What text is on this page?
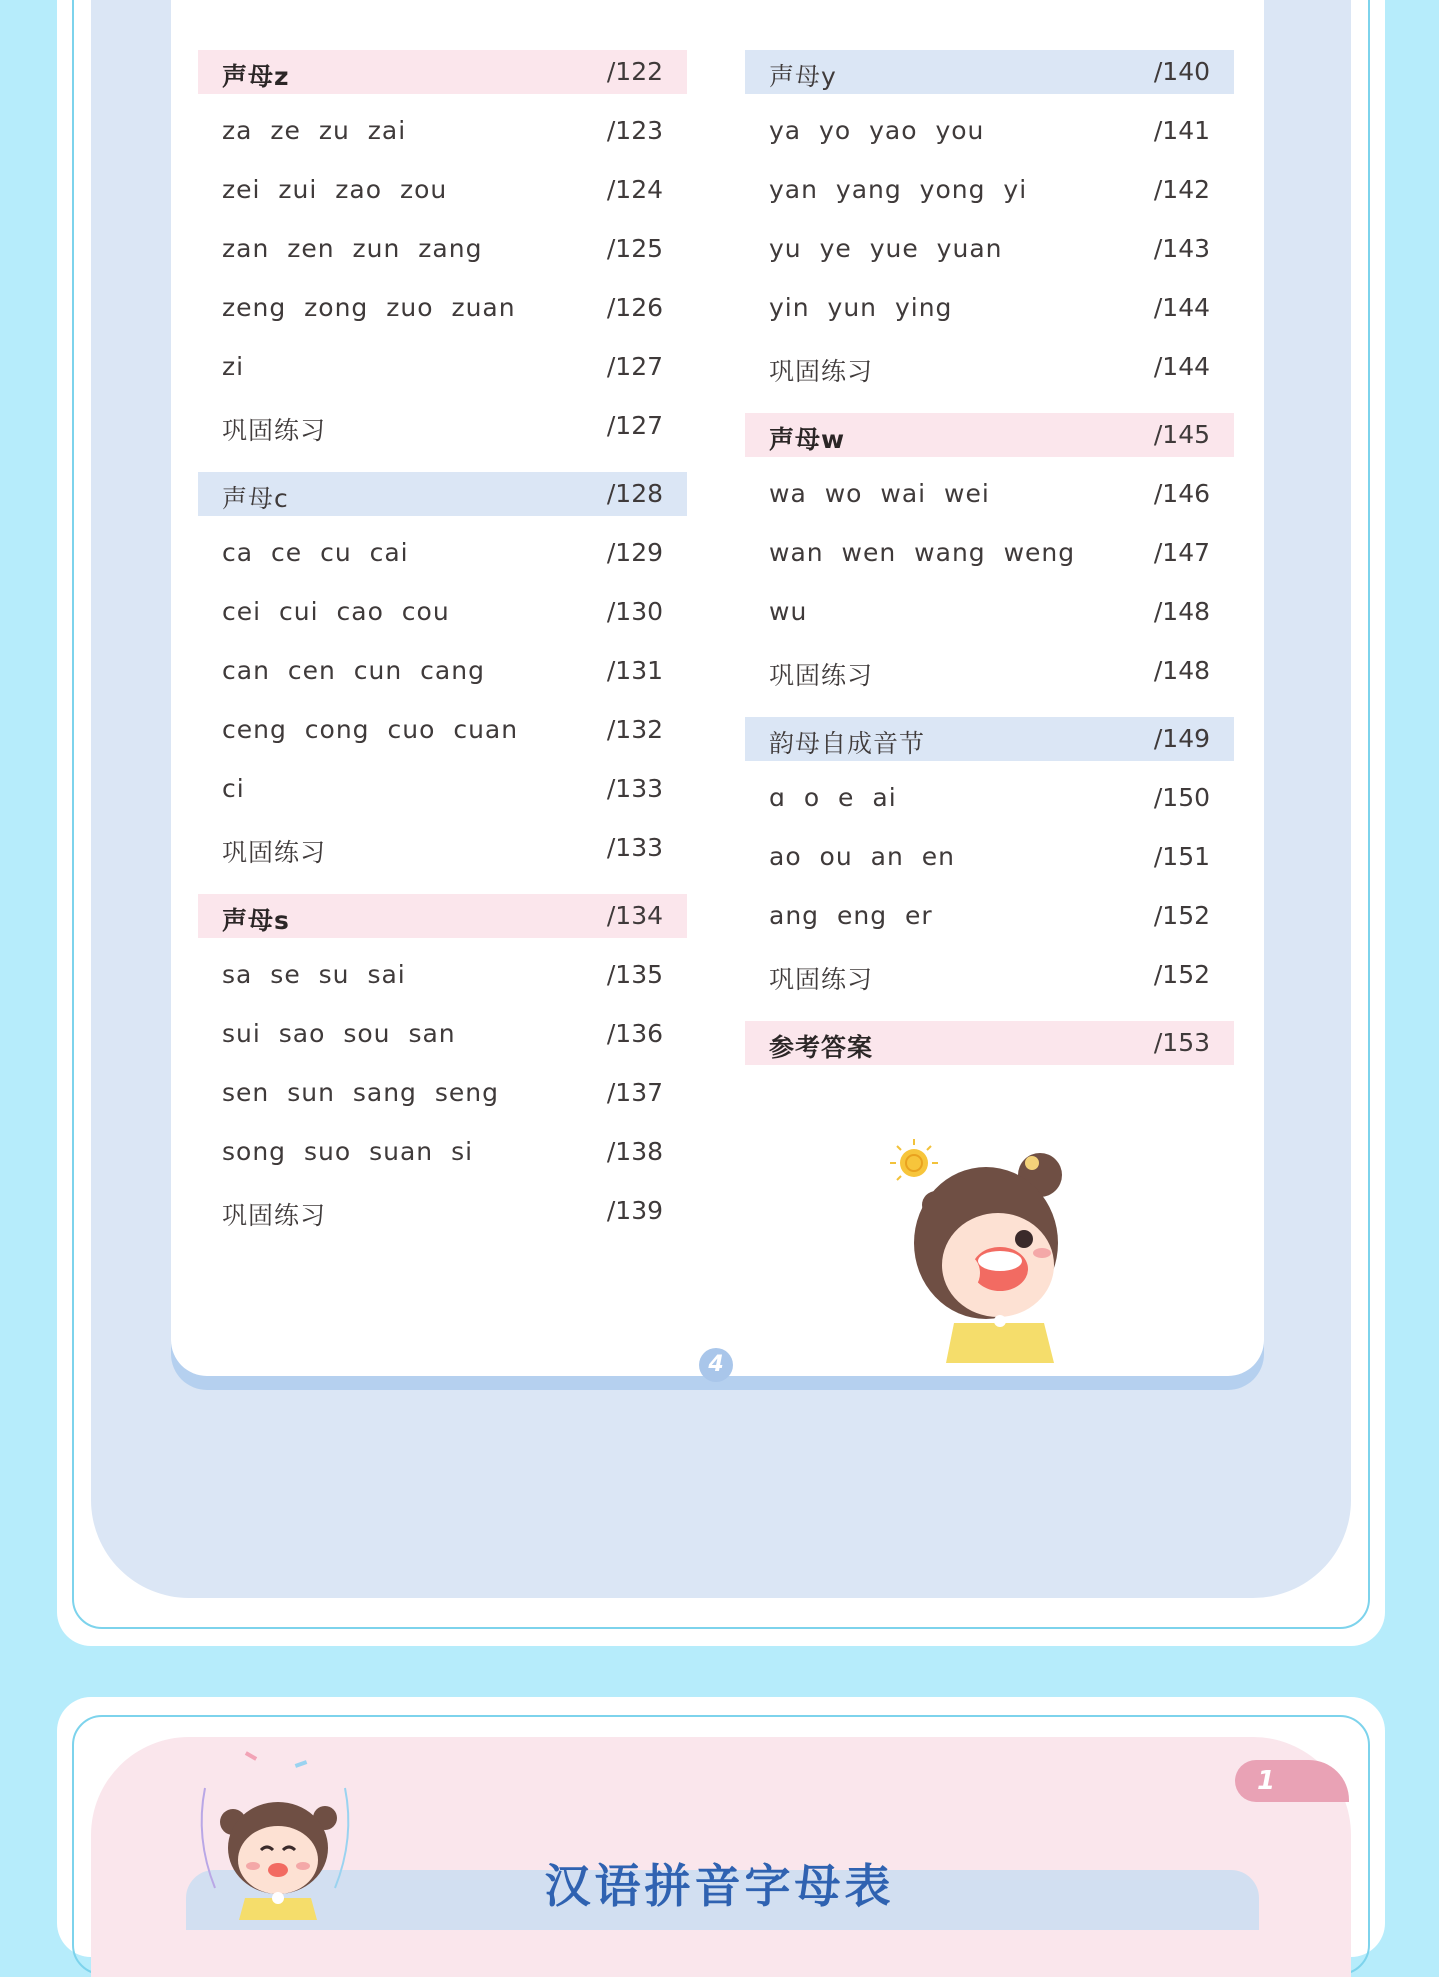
声母z	/122
za ze zu zai	/123
zei zui zao zou	/124
zan zen zun zang	/125
zeng zong zuo zuan	/126
zi	/127
巩固练习	/127
声母c	/128
ca ce cu cai	/129
cei cui cao cou	/130
can cen cun cang	/131
ceng cong cuo cuan	/132
ci	/133
巩固练习	/133
声母s	/134
sa se su sai	/135
sui sao sou san	/136
sen sun sang seng	/137
song suo suan si	/138
巩固练习	/139
声母y	/140
ya yo yao you	/141
yan yang yong yi	/142
yu ye yue yuan	/143
yin yun ying	/144
巩固练习	/144
声母w	/145
wa wo wai wei	/146
wan wen wang weng	/147
wu	/148
巩固练习	/148
韵母自成音节	/149
ɑ o e ai	/150
ao ou an en	/151
ang eng er	/152
巩固练习	/152
参考答案	/153
4
1
汉语拼音字母表
